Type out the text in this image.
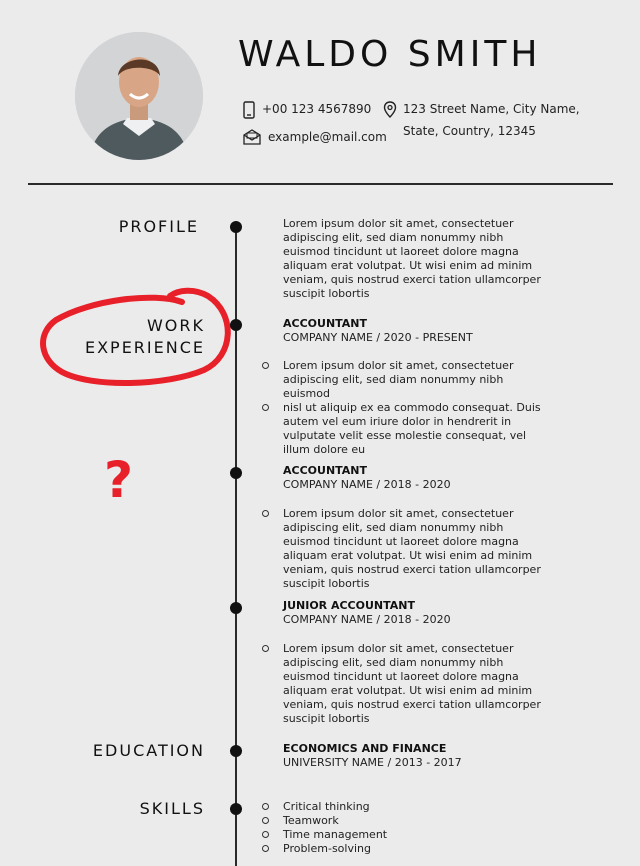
WALDO SMITH
+00 123 4567890	123 Street Name, City Name,
State, Country, 12345
example@mail.com
PROFILE	Lorem ipsum dolor sit amet, consectetuer adipiscing elit, sed diam nonummy nibh euismod tincidunt ut laoreet dolore magna aliquam erat volutpat. Ut wisi enim ad minim veniam, quis nostrud exerci tation ullamcorper suscipit lobortis
WORK
EXPERIENCE
ACCOUNTANT
COMPANY NAME / 2020 - PRESENT
Lorem ipsum dolor sit amet, consectetuer adipiscing elit, sed diam nonummy nibh euismod
nisl ut aliquip ex ea commodo consequat. Duis autem vel eum iriure dolor in hendrerit in vulputate velit esse molestie consequat, vel illum dolore eu
?	ACCOUNTANT
COMPANY NAME / 2018 - 2020
Lorem ipsum dolor sit amet, consectetuer adipiscing elit, sed diam nonummy nibh euismod tincidunt ut laoreet dolore magna aliquam erat volutpat. Ut wisi enim ad minim veniam, quis nostrud exerci tation ullamcorper suscipit lobortis
JUNIOR ACCOUNTANT
COMPANY NAME / 2018 - 2020
Lorem ipsum dolor sit amet, consectetuer adipiscing elit, sed diam nonummy nibh euismod tincidunt ut laoreet dolore magna aliquam erat volutpat. Ut wisi enim ad minim veniam, quis nostrud exerci tation ullamcorper suscipit lobortis
EDUCATION	ECONOMICS AND FINANCE
UNIVERSITY NAME / 2013 - 2017
SKILLS	Critical thinking
Teamwork
Time management
Problem-solving
